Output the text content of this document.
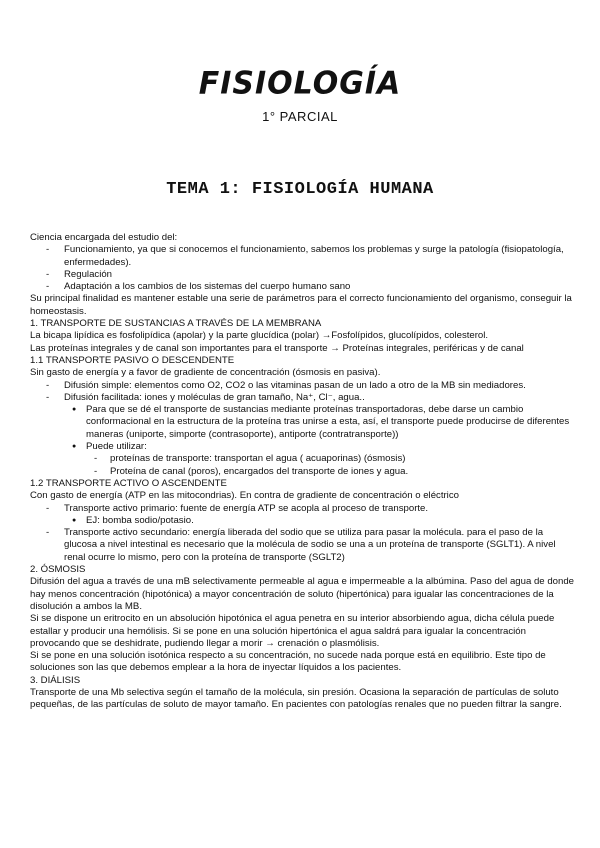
FISIOLOGÍA
1° PARCIAL
TEMA 1: FISIOLOGÍA HUMANA

Ciencia encargada del estudio del:

- Funcionamiento, ya que si conocemos el funcionamiento, sabemos los problemas y surge la patología (fisiopatología, enfermedades).
- Regulación
- Adaptación a los cambios de los sistemas del cuerpo humano sano

Su principal finalidad es mantener estable una serie de parámetros para el correcto funcionamiento del organismo, conseguir la homeostasis.

1. TRANSPORTE DE SUSTANCIAS A TRAVÉS DE LA MEMBRANA

La bicapa lipídica es fosfolipídica (apolar) y la parte glucídica (polar) →Fosfolípidos, glucolípidos, colesterol.

Las proteínas integrales y de canal son importantes para el transporte → Proteínas integrales, periféricas y de canal

1.1 TRANSPORTE PASIVO O DESCENDENTE

Sin gasto de energía y a favor de gradiente de concentración (ósmosis en pasiva).

- Difusión simple: elementos como O2, CO2 o las vitaminas pasan de un lado a otro de la MB sin mediadores.
- Difusión facilitada: iones y moléculas de gran tamaño, Na⁺, Cl⁻, agua..
● Para que se dé el transporte de sustancias mediante proteínas transportadoras, debe darse un cambio conformacional en la estructura de la proteína tras unirse a esta, así, el transporte puede producirse de diferentes maneras (uniporte, simporte (contrasoporte), antiporte (contratransporte))
● Puede utilizar:
- proteínas de transporte: transportan el agua ( acuaporinas) (ósmosis)
- Proteína de canal (poros), encargados del transporte de iones y agua.

1.2 TRANSPORTE ACTIVO O ASCENDENTE

Con gasto de energía (ATP en las mitocondrias). En contra de gradiente de concentración o eléctrico

- Transporte activo primario: fuente de energía ATP se acopla al proceso de transporte.
● EJ: bomba sodio/potasio.
- Transporte activo secundario: energía liberada del sodio que se utiliza para pasar la molécula. para el paso de la glucosa a nivel intestinal es necesario que la molécula de sodio se una a un proteína de transporte (SGLT1). A nivel renal ocurre lo mismo, pero con la proteína de transporte (SGLT2)

2. ÓSMOSIS

Difusión del agua a través de una mB selectivamente permeable al agua e impermeable a la albúmina. Paso del agua de donde hay menos concentración (hipotónica) a mayor concentración de soluto (hipertónica) para igualar las concentraciones de la disolución a ambos la MB.

Si se dispone un eritrocito en un absolución hipotónica el agua penetra en su interior absorbiendo agua, dicha célula puede estallar y producir una hemólisis. Si se pone en una solución hipertónica el agua saldrá para igualar la concentración provocando que se deshidrate, pudiendo llegar a morir → crenación o plasmólisis.

Si se pone en una solución isotónica respecto a su concentración, no sucede nada porque está en equilibrio. Este tipo de soluciones son las que debemos emplear a la hora de inyectar líquidos a los pacientes.

3. DIÁLISIS

Transporte de una Mb selectiva según el tamaño de la molécula, sin presión. Ocasiona la separación de partículas de soluto pequeñas, de las partículas de soluto de mayor tamaño. En pacientes con patologías renales que no pueden filtrar la sangre.
